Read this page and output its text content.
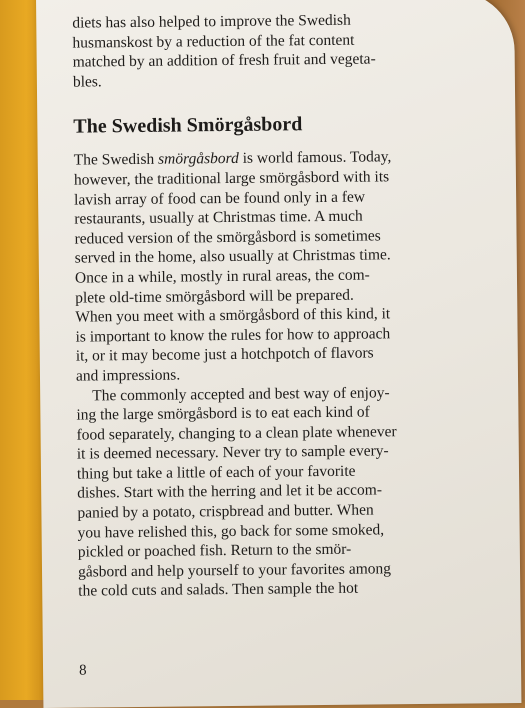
diets has also helped to improve the Swedish
husmanskost by a reduction of the fat content
matched by an addition of fresh fruit and vegeta-
bles.

The Swedish Smörgåsbord

The Swedish smörgåsbord is world famous. Today,
however, the traditional large smörgåsbord with its
lavish array of food can be found only in a few
restaurants, usually at Christmas time. A much
reduced version of the smörgåsbord is sometimes
served in the home, also usually at Christmas time.
Once in a while, mostly in rural areas, the com-
plete old-time smörgåsbord will be prepared.
When you meet with a smörgåsbord of this kind, it
is important to know the rules for how to approach
it, or it may become just a hotchpotch of flavors
and impressions.

The commonly accepted and best way of enjoy-
ing the large smörgåsbord is to eat each kind of
food separately, changing to a clean plate whenever
it is deemed necessary. Never try to sample every-
thing but take a little of each of your favorite
dishes. Start with the herring and let it be accom-
panied by a potato, crispbread and butter. When
you have relished this, go back for some smoked,
pickled or poached fish. Return to the smör-
gåsbord and help yourself to your favorites among
the cold cuts and salads. Then sample the hot

8
